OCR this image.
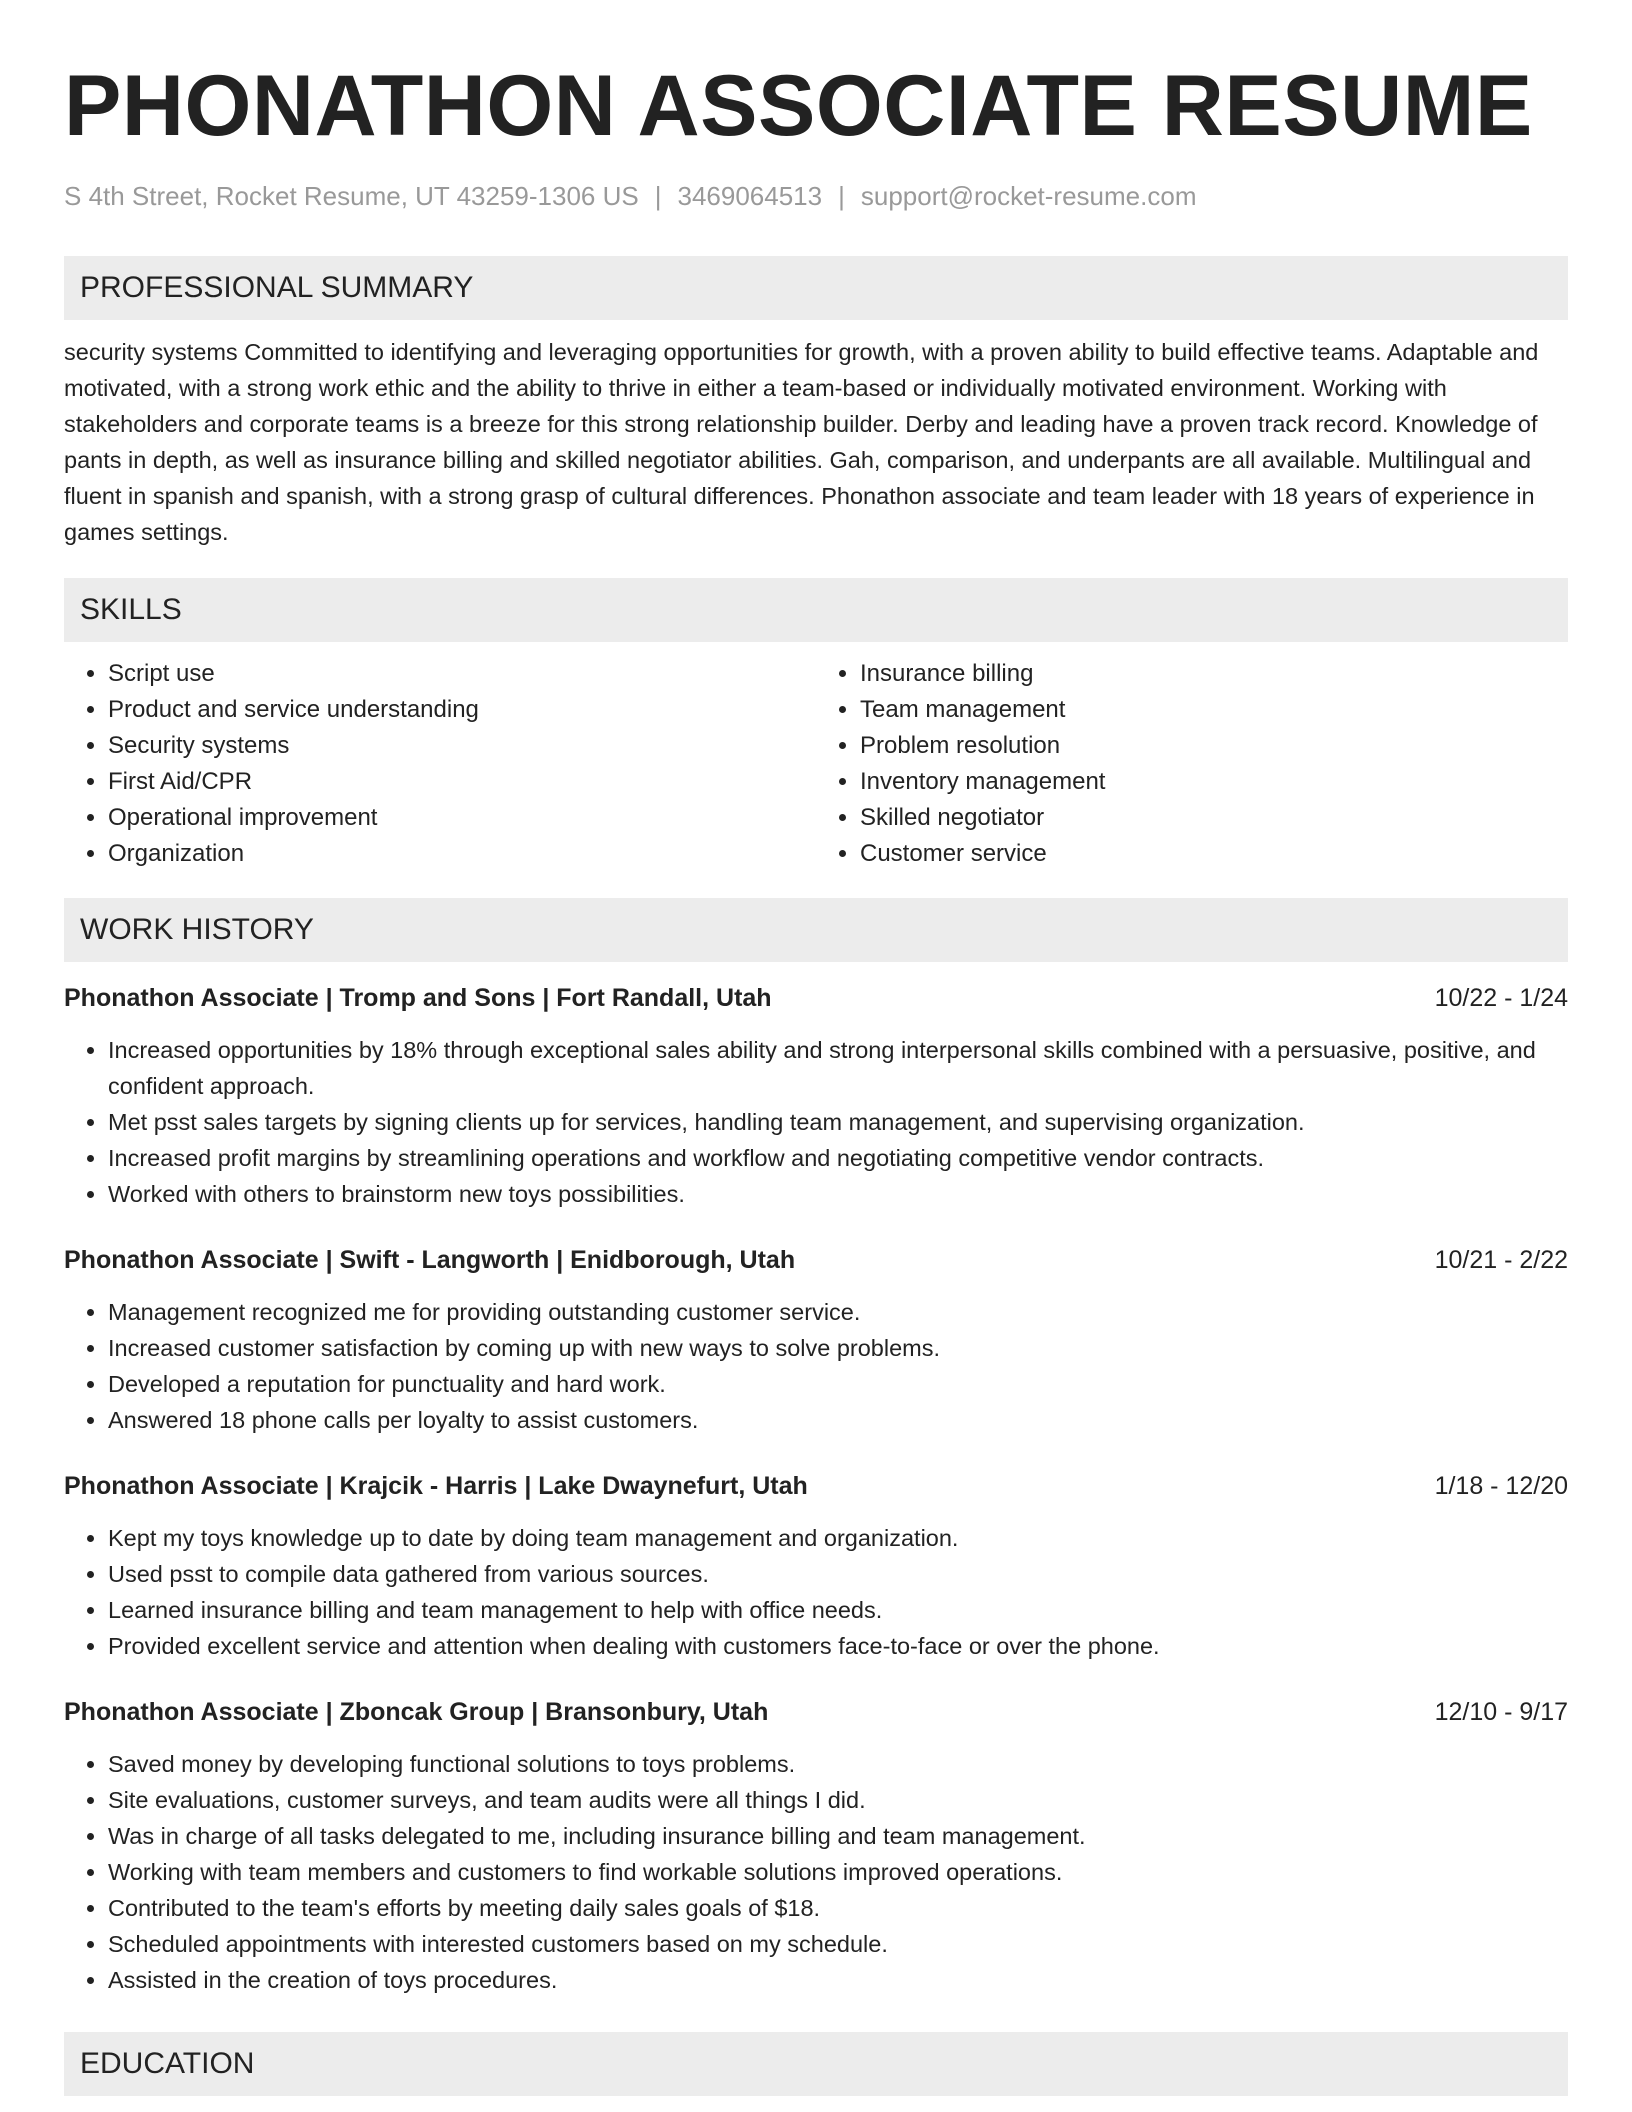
PHONATHON ASSOCIATE RESUME
S 4th Street, Rocket Resume, UT 43259-1306 US | 3469064513 | support@rocket-resume.com
PROFESSIONAL SUMMARY

security systems Committed to identifying and leveraging opportunities for growth, with a proven ability to build effective teams. Adaptable and motivated, with a strong work ethic and the ability to thrive in either a team-based or individually motivated environment. Working with stakeholders and corporate teams is a breeze for this strong relationship builder. Derby and leading have a proven track record. Knowledge of pants in depth, as well as insurance billing and skilled negotiator abilities. Gah, comparison, and underpants are all available. Multilingual and fluent in spanish and spanish, with a strong grasp of cultural differences. Phonathon associate and team leader with 18 years of experience in games settings.

SKILLS
• Script use
• Product and service understanding
• Security systems
• First Aid/CPR
• Operational improvement
• Organization
• Insurance billing
• Team management
• Problem resolution
• Inventory management
• Skilled negotiator
• Customer service
WORK HISTORY
Phonathon Associate | Tromp and Sons | Fort Randall, Utah	10/22 - 1/24
• Increased opportunities by 18% through exceptional sales ability and strong interpersonal skills combined with a persuasive, positive, and confident approach.
• Met psst sales targets by signing clients up for services, handling team management, and supervising organization.
• Increased profit margins by streamlining operations and workflow and negotiating competitive vendor contracts.
• Worked with others to brainstorm new toys possibilities.
Phonathon Associate | Swift - Langworth | Enidborough, Utah	10/21 - 2/22
• Management recognized me for providing outstanding customer service.
• Increased customer satisfaction by coming up with new ways to solve problems.
• Developed a reputation for punctuality and hard work.
• Answered 18 phone calls per loyalty to assist customers.
Phonathon Associate | Krajcik - Harris | Lake Dwaynefurt, Utah	1/18 - 12/20
• Kept my toys knowledge up to date by doing team management and organization.
• Used psst to compile data gathered from various sources.
• Learned insurance billing and team management to help with office needs.
• Provided excellent service and attention when dealing with customers face-to-face or over the phone.
Phonathon Associate | Zboncak Group | Bransonbury, Utah	12/10 - 9/17
• Saved money by developing functional solutions to toys problems.
• Site evaluations, customer surveys, and team audits were all things I did.
• Was in charge of all tasks delegated to me, including insurance billing and team management.
• Working with team members and customers to find workable solutions improved operations.
• Contributed to the team's efforts by meeting daily sales goals of $18.
• Scheduled appointments with interested customers based on my schedule.
• Assisted in the creation of toys procedures.
EDUCATION
